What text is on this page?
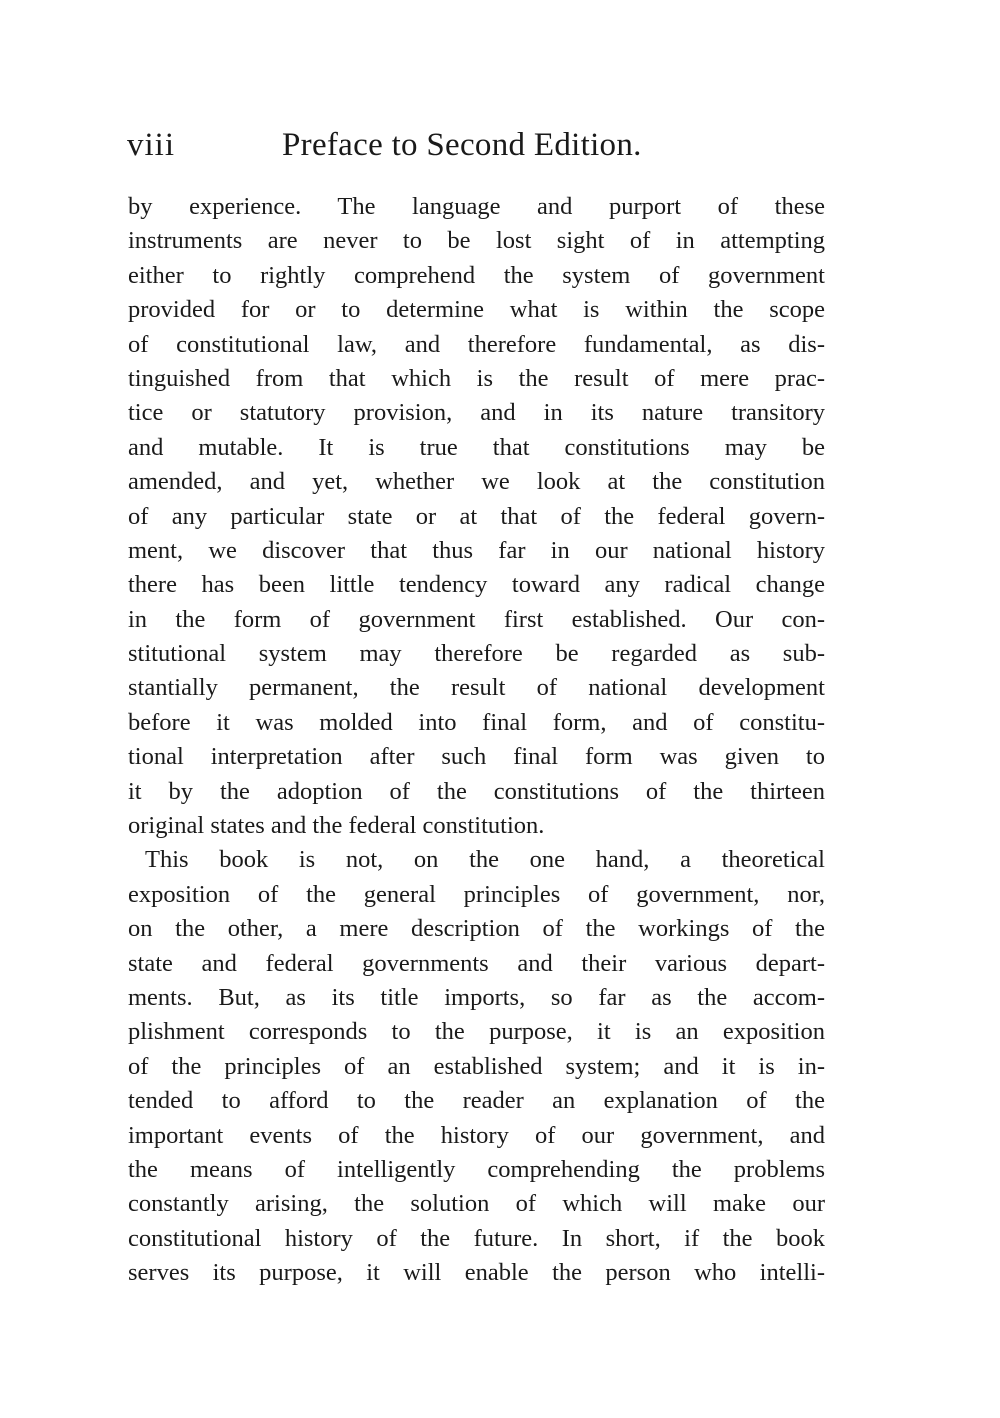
viii	Preface to Second Edition.
by experience. The language and purport of these
instruments are never to be lost sight of in attempting
either to rightly comprehend the system of government
provided for or to determine what is within the scope
of constitutional law, and therefore fundamental, as dis-
tinguished from that which is the result of mere prac-
tice or statutory provision, and in its nature transitory
and mutable. It is true that constitutions may be
amended, and yet, whether we look at the constitution
of any particular state or at that of the federal govern-
ment, we discover that thus far in our national history
there has been little tendency toward any radical change
in the form of government first established. Our con-
stitutional system may therefore be regarded as sub-
stantially permanent, the result of national development
before it was molded into final form, and of constitu-
tional interpretation after such final form was given to
it by the adoption of the constitutions of the thirteen
original states and the federal constitution.
This book is not, on the one hand, a theoretical
exposition of the general principles of government, nor,
on the other, a mere description of the workings of the
state and federal governments and their various depart-
ments. But, as its title imports, so far as the accom-
plishment corresponds to the purpose, it is an exposition
of the principles of an established system; and it is in-
tended to afford to the reader an explanation of the
important events of the history of our government, and
the means of intelligently comprehending the problems
constantly arising, the solution of which will make our
constitutional history of the future. In short, if the book
serves its purpose, it will enable the person who intelli-
